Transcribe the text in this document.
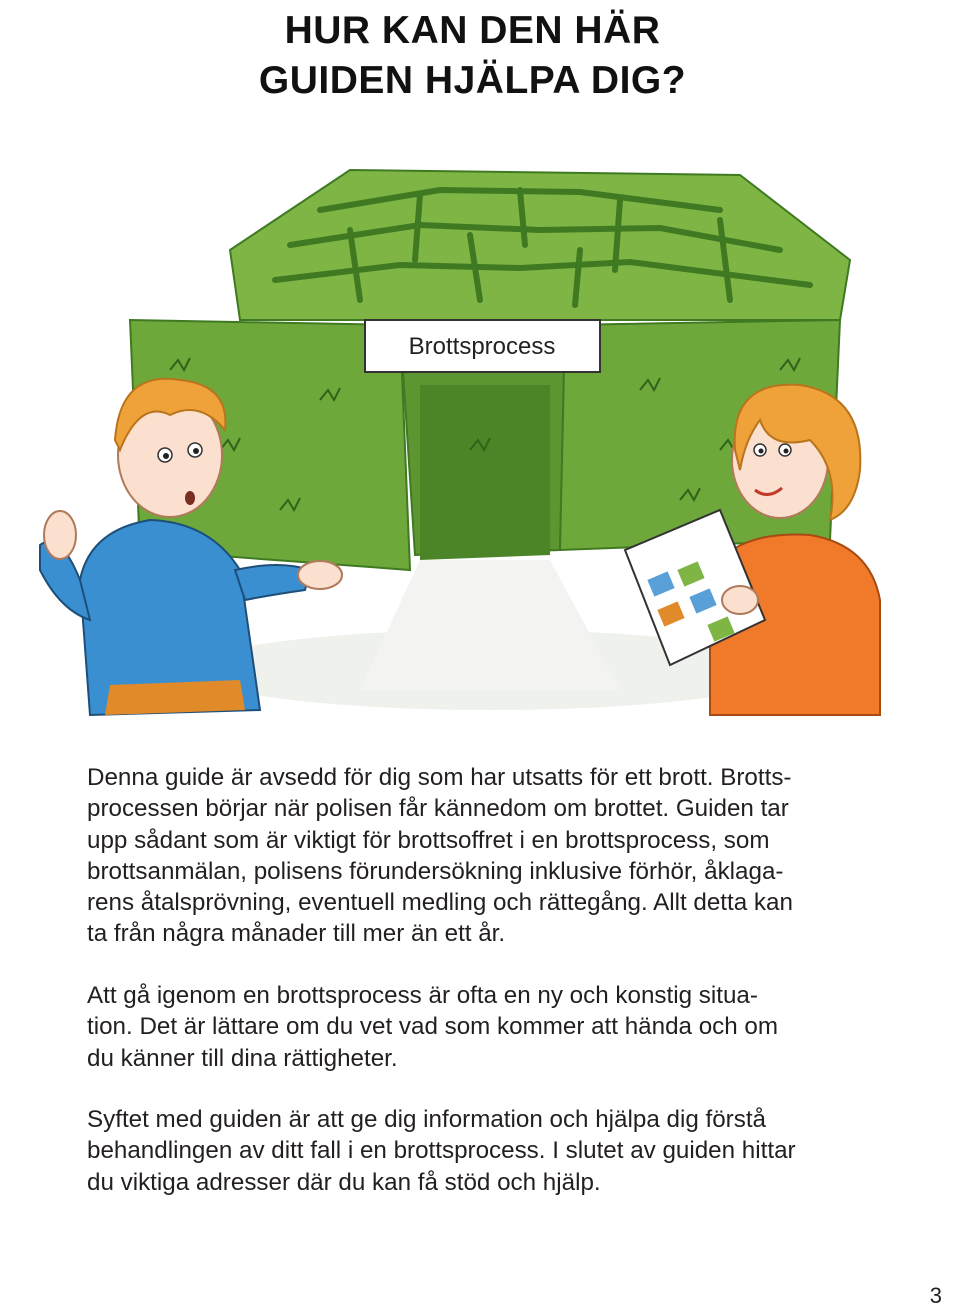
HUR KAN DEN HÄR
GUIDEN HJÄLPA DIG?
Brottsprocess

Denna guide är avsedd för dig som har utsatts för ett brott. Brotts-
processen börjar när polisen får kännedom om brottet. Guiden tar
upp sådant som är viktigt för brottsoffret i en brottsprocess, som
brottsanmälan, polisens förundersökning inklusive förhör, åklaga-
rens åtalsprövning, eventuell medling och rättegång. Allt detta kan
ta från några månader till mer än ett år.

Att gå igenom en brottsprocess är ofta en ny och konstig situa-
tion. Det är lättare om du vet vad som kommer att hända och om
du känner till dina rättigheter.

Syftet med guiden är att ge dig information och hjälpa dig förstå
behandlingen av ditt fall i en brottsprocess. I slutet av guiden hittar
du viktiga adresser där du kan få stöd och hjälp.

3
